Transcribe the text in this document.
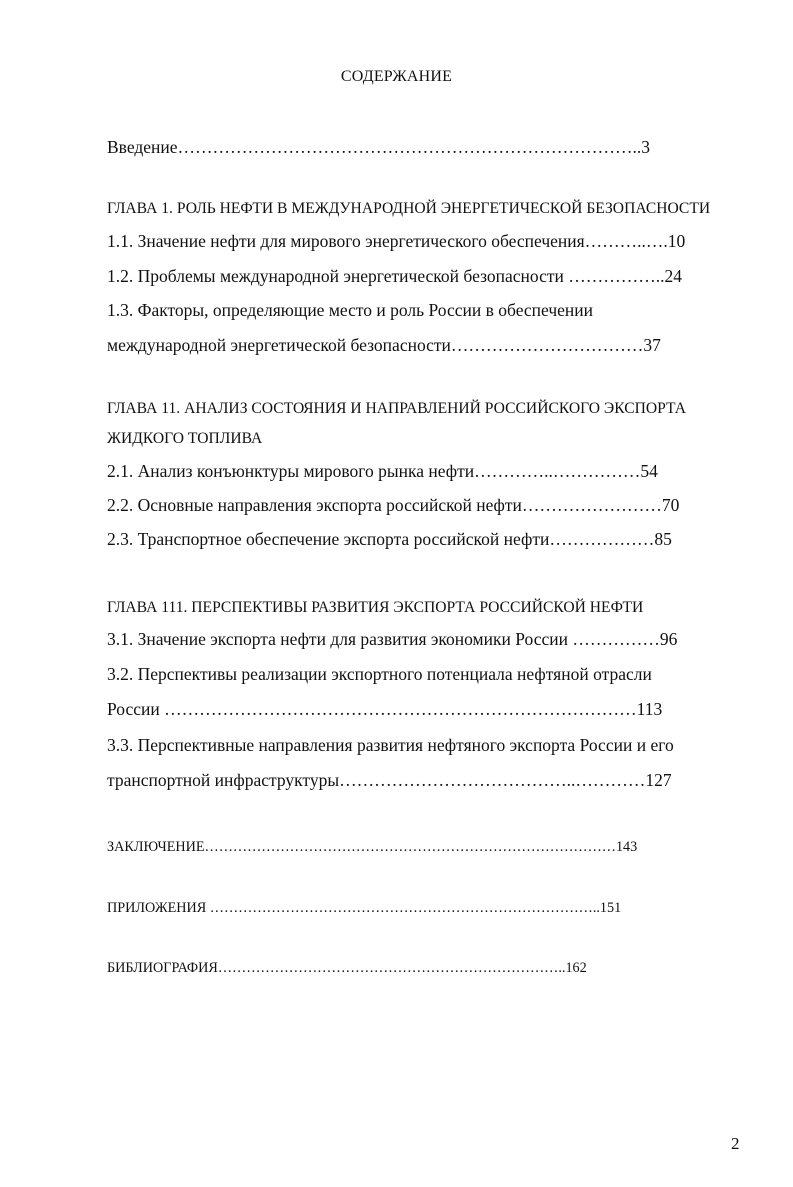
СОДЕРЖАНИЕ
Введение……………………………………………………………………..3
ГЛАВА 1. РОЛЬ НЕФТИ В МЕЖДУНАРОДНОЙ ЭНЕРГЕТИЧЕСКОЙ БЕЗОПАСНОСТИ
1.1. Значение нефти для мирового энергетического обеспечения………..….10
1.2. Проблемы международной энергетической безопасности ……………..24
1.3. Факторы, определяющие место и роль России в обеспечении
международной энергетической безопасности……………………………37
ГЛАВА 11. АНАЛИЗ СОСТОЯНИЯ И НАПРАВЛЕНИЙ РОССИЙСКОГО ЭКСПОРТА
ЖИДКОГО ТОПЛИВА
2.1. Анализ конъюнктуры мирового рынка нефти…………..……………54
2.2. Основные направления экспорта российской нефти……………………70
2.3. Транспортное обеспечение экспорта российской нефти………………85
ГЛАВА 111. ПЕРСПЕКТИВЫ РАЗВИТИЯ ЭКСПОРТА РОССИЙСКОЙ НЕФТИ
3.1. Значение экспорта нефти для развития экономики России ……………96
3.2. Перспективы реализации экспортного потенциала нефтяной отрасли
России ………………………………………………………………………113
3.3. Перспективные направления развития нефтяного экспорта России и его
транспортной инфраструктуры…………………………………..…………127
ЗАКЛЮЧЕНИЕ……………………………………………………………………………143
ПРИЛОЖЕНИЯ ………………………………………………………………………..151
БИБЛИОГРАФИЯ………………………………………………………………..162
2
